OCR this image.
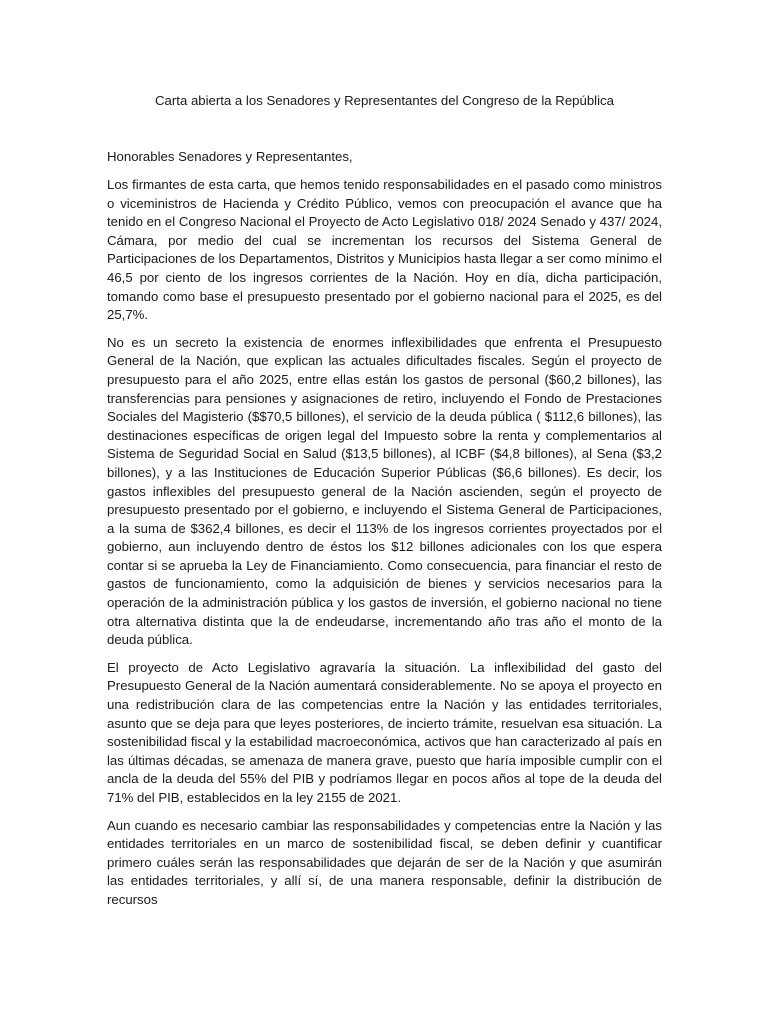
Carta abierta a los Senadores y Representantes del Congreso de la República

Honorables Senadores y Representantes,

Los firmantes de esta carta, que hemos tenido responsabilidades en el pasado como ministros o viceministros de Hacienda y Crédito Público, vemos con preocupación el avance que ha tenido en el Congreso Nacional el Proyecto de Acto Legislativo 018/ 2024 Senado y 437/ 2024, Cámara, por medio del cual se incrementan los recursos del Sistema General de Participaciones de los Departamentos, Distritos y Municipios hasta llegar a ser como mínimo el 46,5 por ciento de los ingresos corrientes de la Nación. Hoy en día, dicha participación, tomando como base el presupuesto presentado por el gobierno nacional para el 2025, es del 25,7%.

No es un secreto la existencia de enormes inflexibilidades que enfrenta el Presupuesto General de la Nación, que explican las actuales dificultades fiscales. Según el proyecto de presupuesto para el año 2025, entre ellas están los gastos de personal ($60,2 billones), las transferencias para pensiones y asignaciones de retiro, incluyendo el Fondo de Prestaciones Sociales del Magisterio ($$70,5 billones), el servicio de la deuda pública ( $112,6 billones), las destinaciones específicas de origen legal del Impuesto sobre la renta y complementarios al Sistema de Seguridad Social en Salud ($13,5 billones), al ICBF ($4,8 billones), al Sena ($3,2 billones), y a las Instituciones de Educación Superior Públicas ($6,6 billones). Es decir, los gastos inflexibles del presupuesto general de la Nación ascienden, según el proyecto de presupuesto presentado por el gobierno, e incluyendo el Sistema General de Participaciones, a la suma de $362,4 billones, es decir el 113% de los ingresos corrientes proyectados por el gobierno, aun incluyendo dentro de éstos los $12 billones adicionales con los que espera contar si se aprueba la Ley de Financiamiento. Como consecuencia, para financiar el resto de gastos de funcionamiento, como la adquisición de bienes y servicios necesarios para la operación de la administración pública y los gastos de inversión, el gobierno nacional no tiene otra alternativa distinta que la de endeudarse, incrementando año tras año el monto de la deuda pública.

El proyecto de Acto Legislativo agravaría la situación. La inflexibilidad del gasto del Presupuesto General de la Nación aumentará considerablemente. No se apoya el proyecto en una redistribución clara de las competencias entre la Nación y las entidades territoriales, asunto que se deja para que leyes posteriores, de incierto trámite, resuelvan esa situación. La sostenibilidad fiscal y la estabilidad macroeconómica, activos que han caracterizado al país en las últimas décadas, se amenaza de manera grave, puesto que haría imposible cumplir con el ancla de la deuda del 55% del PIB y podríamos llegar en pocos años al tope de la deuda del 71% del PIB, establecidos en la ley 2155 de 2021.

Aun cuando es necesario cambiar las responsabilidades y competencias entre la Nación y las entidades territoriales en un marco de sostenibilidad fiscal, se deben definir y cuantificar primero cuáles serán las responsabilidades que dejarán de ser de la Nación y que asumirán las entidades territoriales, y allí sí, de una manera responsable, definir la distribución de recursos
